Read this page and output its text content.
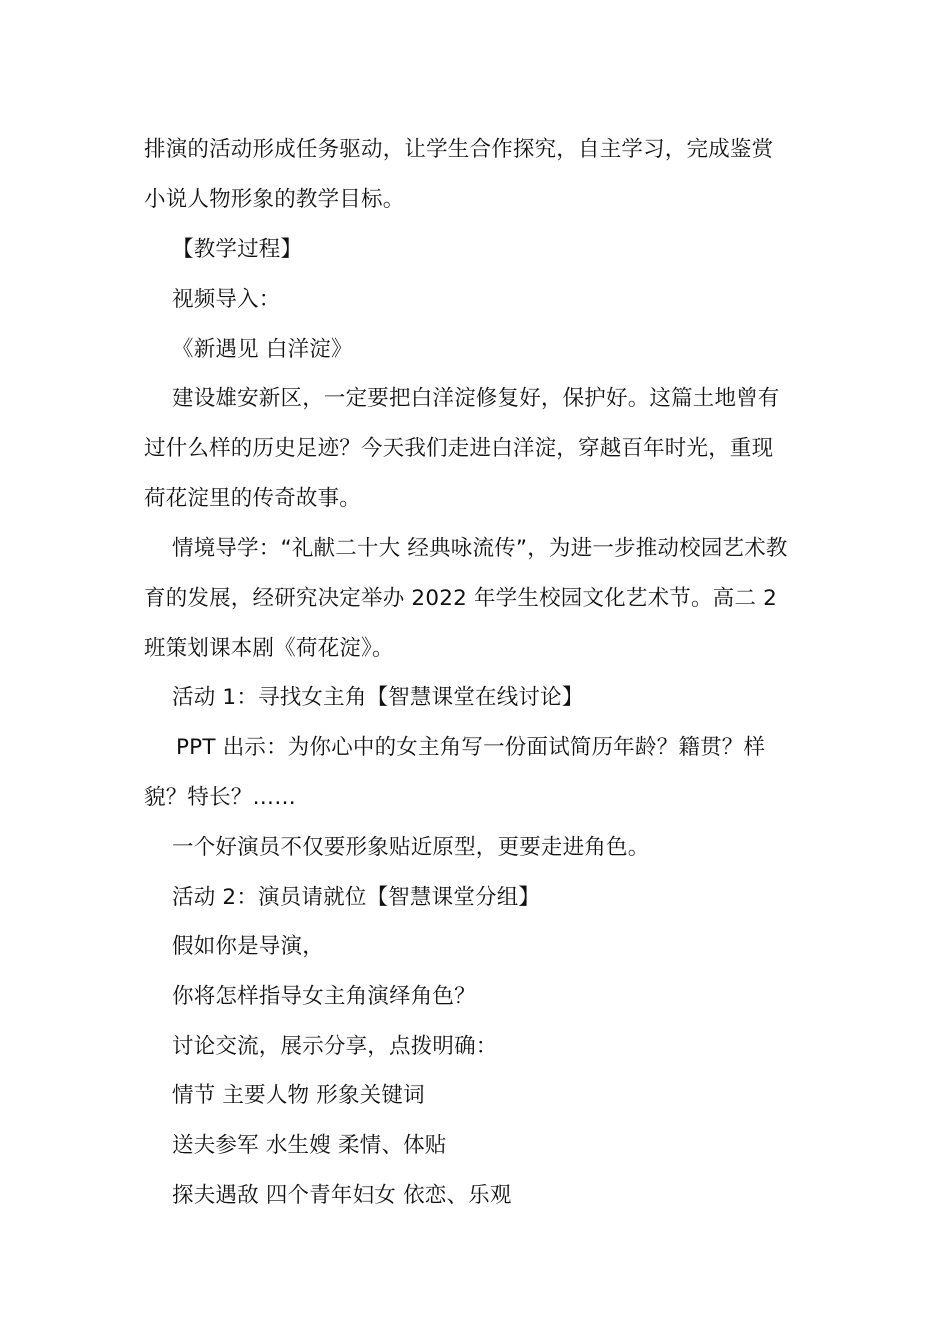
排演的活动形成任务驱动，让学生合作探究，自主学习，完成鉴赏
小说人物形象的教学目标。
【教学过程】
视频导入：
《新遇见 白洋淀》
建设雄安新区，一定要把白洋淀修复好，保护好。这篇土地曾有
过什么样的历史足迹？今天我们走进白洋淀，穿越百年时光，重现
荷花淀里的传奇故事。
情境导学：“礼献二十大 经典咏流传”，为进一步推动校园艺术教
育的发展，经研究决定举办 2022 年学生校园文化艺术节。高二 2
班策划课本剧《荷花淀》。
活动 1：寻找女主角【智慧课堂在线讨论】
PPT 出示：为你心中的女主角写一份面试简历年龄？籍贯？样
貌？特长？……
一个好演员不仅要形象贴近原型，更要走进角色。
活动 2：演员请就位【智慧课堂分组】
假如你是导演，
你将怎样指导女主角演绎角色？
讨论交流，展示分享，点拨明确：
情节 主要人物 形象关键词
送夫参军 水生嫂 柔情、体贴
探夫遇敌 四个青年妇女 依恋、乐观
